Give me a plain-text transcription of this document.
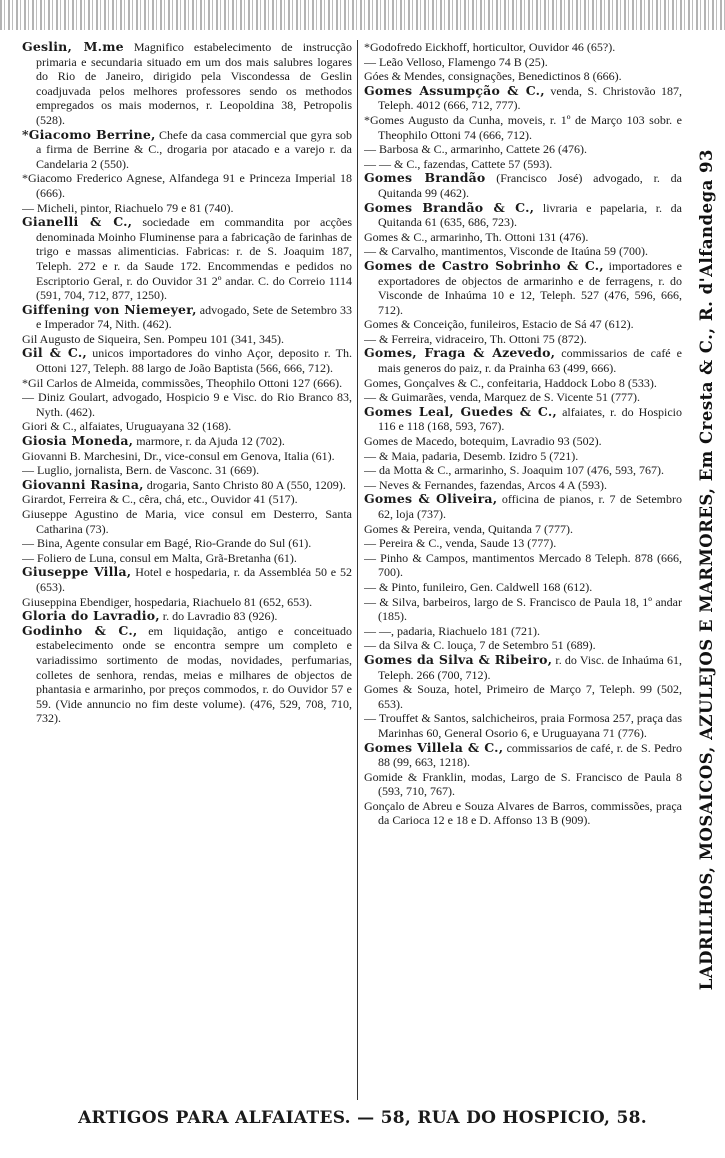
Geslin, M.me Magnifico estabelecimento de instrucção primaria e secundaria situado em um dos mais salubres logares do Rio de Janeiro, dirigido pela Viscondessa de Geslin coadjuvada pelos melhores professores sendo os methodos empregados os mais modernos, r. Leopoldina 38, Petropolis (528).

*Giacomo Berrine, Chefe da casa commercial que gyra sob a firma de Berrine & C., drogaria por atacado e a varejo r. da Candelaria 2 (550).

*Giacomo Frederico Agnese, Alfandega 91 e Princeza Imperial 18 (666).

— Micheli, pintor, Riachuelo 79 e 81 (740).

Gianelli & C., sociedade em commandita por acções denominada Moinho Fluminense para a fabricação de farinhas de trigo e massas alimenticias. Fabricas: r. de S. Joaquim 187, Teleph. 272 e r. da Saude 172. Encommendas e pedidos no Escriptorio Geral, r. do Ouvidor 31 2º andar. C. do Correio 1114 (591, 704, 712, 877, 1250).

Giffening von Niemeyer, advogado, Sete de Setembro 33 e Imperador 74, Nith. (462).

Gil Augusto de Siqueira, Sen. Pompeu 101 (341, 345).

Gil & C., unicos importadores do vinho Açor, deposito r. Th. Ottoni 127, Teleph. 88 largo de João Baptista (566, 666, 712).

*Gil Carlos de Almeida, commissões, Theophilo Ottoni 127 (666).

— Diniz Goulart, advogado, Hospicio 9 e Visc. do Rio Branco 83, Nyth. (462).

Giori & C., alfaiates, Uruguayana 32 (168).

Giosia Moneda, marmore, r. da Ajuda 12 (702).

Giovanni B. Marchesini, Dr., vice-consul em Genova, Italia (61).

— Luglio, jornalista, Bern. de Vasconc. 31 (669).

Giovanni Rasina, drogaria, Santo Christo 80 A (550, 1209).

Girardot, Ferreira & C., cêra, chá, etc., Ouvidor 41 (517).

Giuseppe Agustino de Maria, vice consul em Desterro, Santa Catharina (73).

— Bina, Agente consular em Bagé, Rio-Grande do Sul (61).

— Foliero de Luna, consul em Malta, Grã-Bretanha (61).

Giuseppe Villa, Hotel e hospedaria, r. da Assembléa 50 e 52 (653).

Giuseppina Ebendiger, hospedaria, Riachuelo 81 (652, 653).

Gloria do Lavradio, r. do Lavradio 83 (926).

Godinho & C., em liquidação, antigo e conceituado estabelecimento onde se encontra sempre um completo e variadissimo sortimento de modas, novidades, perfumarias, colletes de senhora, rendas, meias e milhares de objectos de phantasia e armarinho, por preços commodos, r. do Ouvidor 57 e 59. (Vide annuncio no fim deste volume). (476, 529, 708, 710, 732).

*Godofredo Eickhoff, horticultor, Ouvidor 46 (65?).

— Leão Velloso, Flamengo 74 B (25).

Góes & Mendes, consignações, Benedictinos 8 (666).

Gomes Assumpção & C., venda, S. Christovão 187, Teleph. 4012 (666, 712, 777).

*Gomes Augusto da Cunha, moveis, r. 1º de Março 103 sobr. e Theophilo Ottoni 74 (666, 712).

— Barbosa & C., armarinho, Cattete 26 (476).

— — & C., fazendas, Cattete 57 (593).

Gomes Brandão (Francisco José) advogado, r. da Quitanda 99 (462).

Gomes Brandão & C., livraria e papelaria, r. da Quitanda 61 (635, 686, 723).

Gomes & C., armarinho, Th. Ottoni 131 (476).

— & Carvalho, mantimentos, Visconde de Itaúna 59 (700).

Gomes de Castro Sobrinho & C., importadores e exportadores de objectos de armarinho e de ferragens, r. do Visconde de Inhaúma 10 e 12, Teleph. 527 (476, 596, 666, 712).

Gomes & Conceição, funileiros, Estacio de Sá 47 (612).

— & Ferreira, vidraceiro, Th. Ottoni 75 (872).

Gomes, Fraga & Azevedo, commissarios de café e mais generos do paiz, r. da Prainha 63 (499, 666).

Gomes, Gonçalves & C., confeitaria, Haddock Lobo 8 (533).

— & Guimarães, venda, Marquez de S. Vicente 51 (777).

Gomes Leal, Guedes & C., alfaiates, r. do Hospicio 116 e 118 (168, 593, 767).

Gomes de Macedo, botequim, Lavradio 93 (502).

— & Maia, padaria, Desemb. Izidro 5 (721).

— da Motta & C., armarinho, S. Joaquim 107 (476, 593, 767).

— Neves & Fernandes, fazendas, Arcos 4 A (593).

Gomes & Oliveira, officina de pianos, r. 7 de Setembro 62, loja (737).

Gomes & Pereira, venda, Quitanda 7 (777).

— Pereira & C., venda, Saude 13 (777).

— Pinho & Campos, mantimentos Mercado 8 Teleph. 878 (666, 700).

— & Pinto, funileiro, Gen. Caldwell 168 (612).

— & Silva, barbeiros, largo de S. Francisco de Paula 18, 1º andar (185).

— —, padaria, Riachuelo 181 (721).

— da Silva & C. louça, 7 de Setembro 51 (689).

Gomes da Silva & Ribeiro, r. do Visc. de Inhaúma 61, Teleph. 266 (700, 712).

Gomes & Souza, hotel, Primeiro de Março 7, Teleph. 99 (502, 653).

— Trouffet & Santos, salchicheiros, praia Formosa 257, praça das Marinhas 60, General Osorio 6, e Uruguayana 71 (776).

Gomes Villela & C., commissarios de café, r. de S. Pedro 88 (99, 663, 1218).

Gomide & Franklin, modas, Largo de S. Francisco de Paula 8 (593, 710, 767).

Gonçalo de Abreu e Souza Alvares de Barros, commissões, praça da Carioca 12 e 18 e D. Affonso 13 B (909).	LADRILHOS, MOSAICOS, AZULEJOS E MARMORES, Em Cresta & C., R. d'Alfandega 93
ARTIGOS PARA ALFAIATES. — 58, RUA DO HOSPICIO, 58.
